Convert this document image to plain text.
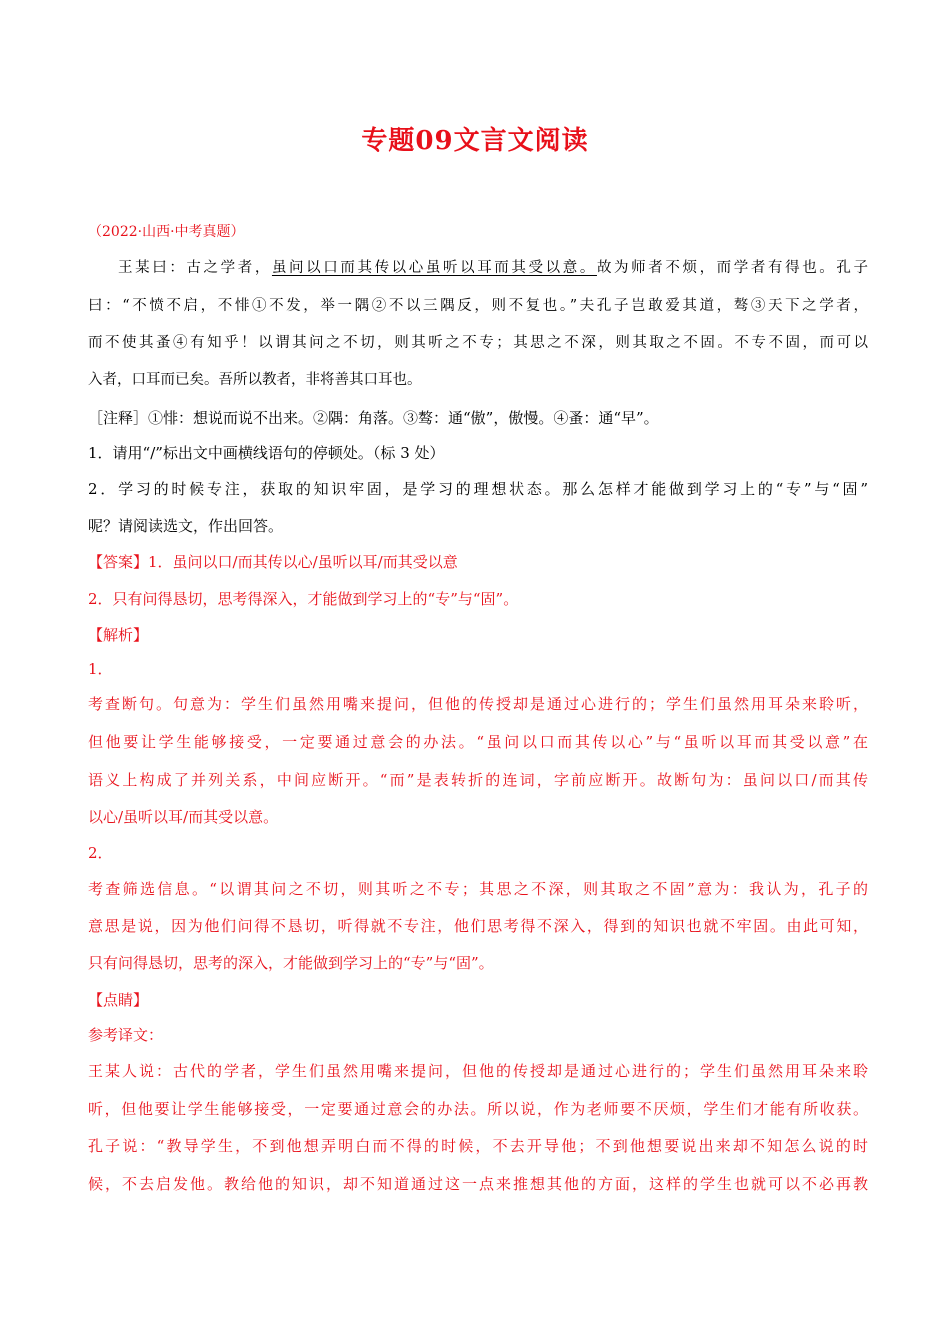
专题09文言文阅读
（2022·山西·中考真题）
王某曰：古之学者，虽问以口而其传以心虽听以耳而其受以意。故为师者不烦，而学者有得也。孔子
曰：“不愤不启，不悱①不发，举一隅②不以三隅反，则不复也。”夫孔子岂敢爱其道，骜③天下之学者，
而不使其蚤④有知乎！以谓其问之不切，则其听之不专；其思之不深，则其取之不固。不专不固，而可以
入者，口耳而已矣。吾所以教者，非将善其口耳也。
［注释］①悱：想说而说不出来。②隅：角落。③骜：通“傲”，傲慢。④蚤：通“早”。
1．请用“/”标出文中画横线语句的停顿处。（标 3 处）
2．学习的时候专注，获取的知识牢固，是学习的理想状态。那么怎样才能做到学习上的“专”与“固”
呢？请阅读选文，作出回答。
【答案】1．虽问以口/而其传以心/虽听以耳/而其受以意
2．只有问得恳切，思考得深入，才能做到学习上的“专”与“固”。
【解析】
1．
考查断句。句意为：学生们虽然用嘴来提问，但他的传授却是通过心进行的；学生们虽然用耳朵来聆听，
但他要让学生能够接受，一定要通过意会的办法。“虽问以口而其传以心”与“虽听以耳而其受以意”在
语义上构成了并列关系，中间应断开。“而”是表转折的连词，字前应断开。故断句为：虽问以口/而其传
以心/虽听以耳/而其受以意。
2．
考查筛选信息。“以谓其问之不切，则其听之不专；其思之不深，则其取之不固”意为：我认为，孔子的
意思是说，因为他们问得不恳切，听得就不专注，他们思考得不深入，得到的知识也就不牢固。由此可知，
只有问得恳切，思考的深入，才能做到学习上的“专”与“固”。
【点睛】
参考译文：
王某人说：古代的学者，学生们虽然用嘴来提问，但他的传授却是通过心进行的；学生们虽然用耳朵来聆
听，但他要让学生能够接受，一定要通过意会的办法。所以说，作为老师要不厌烦，学生们才能有所收获。
孔子说：“教导学生，不到他想弄明白而不得的时候，不去开导他；不到他想要说出来却不知怎么说的时
候，不去启发他。教给他的知识，却不知道通过这一点来推想其他的方面，这样的学生也就可以不必再教
